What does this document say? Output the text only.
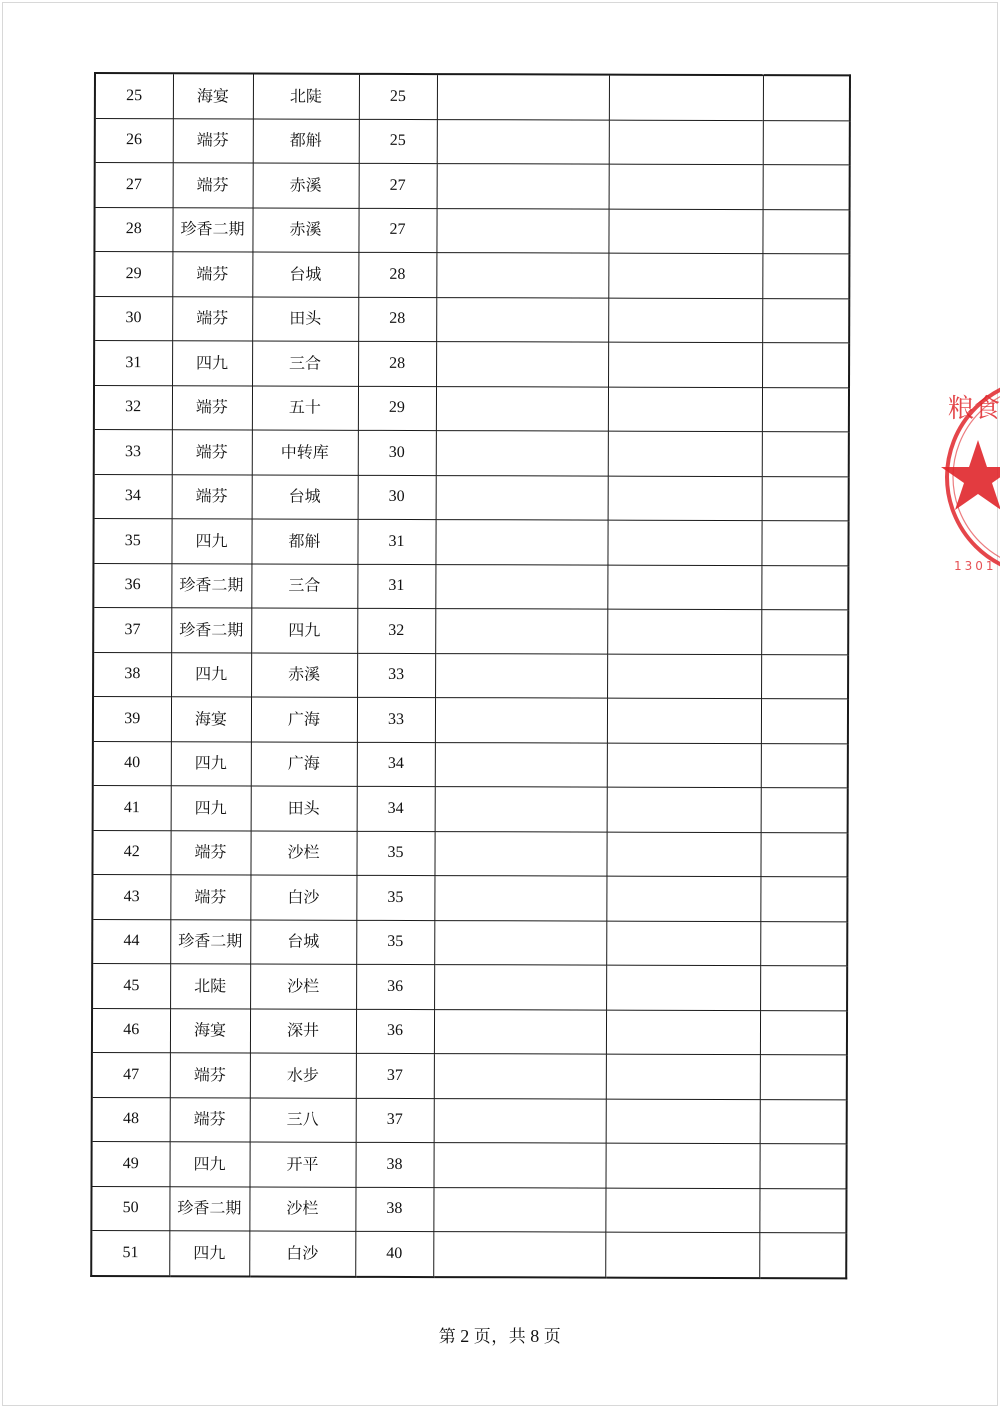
25	海宴	北陡	25			
26	端芬	都斛	25			
27	端芬	赤溪	27			
28	珍香二期	赤溪	27			
29	端芬	台城	28			
30	端芬	田头	28			
31	四九	三合	28			
32	端芬	五十	29			
33	端芬	中转库	30			
34	端芬	台城	30			
35	四九	都斛	31			
36	珍香二期	三合	31			
37	珍香二期	四九	32			
38	四九	赤溪	33			
39	海宴	广海	33			
40	四九	广海	34			
41	四九	田头	34			
42	端芬	沙栏	35			
43	端芬	白沙	35			
44	珍香二期	台城	35			
45	北陡	沙栏	36			
46	海宴	深井	36			
47	端芬	水步	37			
48	端芬	三八	37			
49	四九	开平	38			
50	珍香二期	沙栏	38			
51	四九	白沙	40			
第 2 页，共 8 页
粮食
1301
